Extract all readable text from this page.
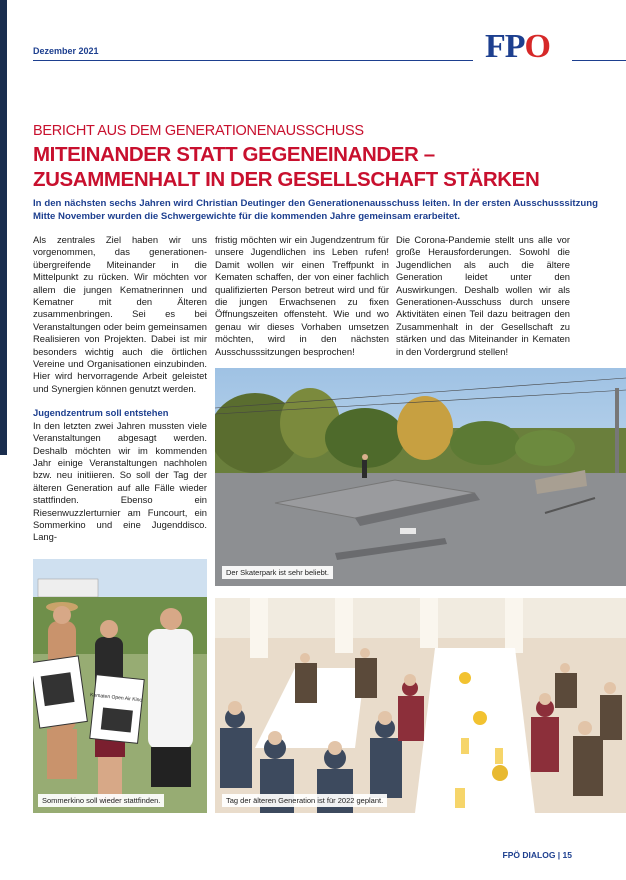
Dezember 2021	FPO
BERICHT AUS DEM GENERATIONENAUSSCHUSS
MITEINANDER STATT GEGENEINANDER – ZUSAMMENHALT IN DER GESELLSCHAFT STÄRKEN
In den nächsten sechs Jahren wird Christian Deutinger den Generationenausschuss leiten. In der ersten Ausschusssitzung Mitte November wurden die Schwergewichte für die kommenden Jahre gemeinsam erarbeitet.

Als zentrales Ziel haben wir uns vorgenommen, das generationen-übergreifende Miteinander in die Mittelpunkt zu rücken. Wir möchten vor allem die jungen Kematnerinnen und Kematner mit den Älteren zusammenbringen. Sei es bei Veranstaltungen oder beim gemeinsamen Realisieren von Projekten. Dabei ist mir besonders wichtig auch die örtlichen Vereine und Organisationen einzubinden. Hier wird hervorragende Arbeit geleistet und Synergien können genutzt werden.

Jugendzentrum soll entstehen

In den letzten zwei Jahren mussten viele Veranstaltungen abgesagt werden. Deshalb möchten wir im kommenden Jahr einige Veranstaltungen nachholen bzw. neu initiieren. So soll der Tag der älteren Generation auf alle Fälle wieder stattfinden. Ebenso ein Riesenwuzzlerturnier am Funcourt, ein Sommerkino und eine Jugenddisco. Lang-

fristig möchten wir ein Jugendzentrum für unsere Jugendlichen ins Leben rufen! Damit wollen wir einen Treffpunkt in Kematen schaffen, der von einer fachlich qualifizierten Person betreut wird und für die jungen Erwachsenen zu fixen Öffnungszeiten offensteht. Wie und wo genau wir dieses Vorhaben umsetzen möchten, wird in den nächsten Ausschusssitzungen besprochen!

Die Corona-Pandemie stellt uns alle vor große Herausforderungen. Sowohl die Jugendlichen als auch die ältere Generation leidet unter den Auswirkungen. Deshalb wollen wir als Generationen-Ausschuss durch unsere Aktivitäten einen Teil dazu beitragen den Zusammenhalt in der Gesellschaft zu stärken und das Miteinander in Kematen in den Vordergrund stellen!

Der Skaterpark ist sehr beliebt.
Kematen Open Air Kino
Sommerkino soll wieder stattfinden.	Tag der älteren Generation ist für 2022 geplant.
FPÖ DIALOG | 15
